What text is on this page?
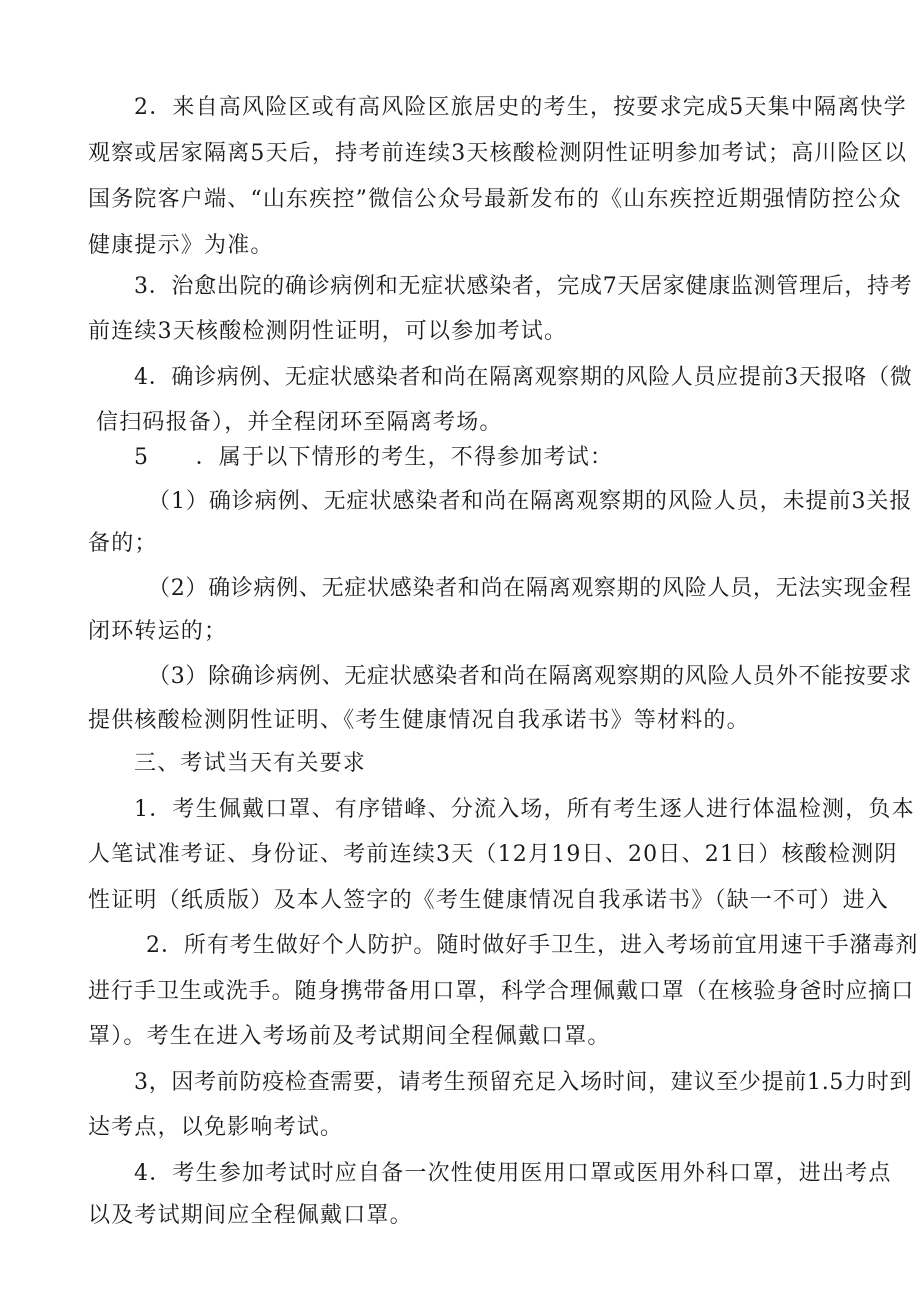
2．来自高风险区或有高风险区旅居史的考生，按要求完成5天集中隔离快学
观察或居家隔离5天后，持考前连续3天核酸检测阴性证明参加考试；高川险区以
国务院客户端、“山东疾控”微信公众号最新发布的《山东疾控近期强情防控公众
健康提示》为准。
3．治愈出院的确诊病例和无症状感染者，完成7天居家健康监测管理后，持考
前连续3天核酸检测阴性证明，可以参加考试。
4．确诊病例、无症状感染者和尚在隔离观察期的风险人员应提前3天报咯（微
信扫码报备），并全程闭环至隔离考场。
5　　．属于以下情形的考生，不得参加考试：
（1）确诊病例、无症状感染者和尚在隔离观察期的风险人员，未提前3关报
备的；
（2）确诊病例、无症状感染者和尚在隔离观察期的风险人员，无法实现金程
闭环转运的；
（3）除确诊病例、无症状感染者和尚在隔离观察期的风险人员外不能按要求
提供核酸检测阴性证明、《考生健康情况自我承诺书》等材料的。
三、考试当天有关要求
1．考生佩戴口罩、有序错峰、分流入场，所有考生逐人进行体温检测，负本
人笔试准考证、身份证、考前连续3天（12月19日、20日、21日）核酸检测阴
性证明（纸质版）及本人签字的《考生健康情况自我承诺书》（缺一不可）进入
2．所有考生做好个人防护。随时做好手卫生，进入考场前宜用速干手潴毒剂
进行手卫生或洗手。随身携带备用口罩，科学合理佩戴口罩（在核验身爸时应摘口
罩）。考生在进入考场前及考试期间全程佩戴口罩。
3，因考前防疫检查需要，请考生预留充足入场时间，建议至少提前1.5力时到
达考点，以免影响考试。
4．考生参加考试时应自备一次性使用医用口罩或医用外科口罩，进出考点
以及考试期间应全程佩戴口罩。
